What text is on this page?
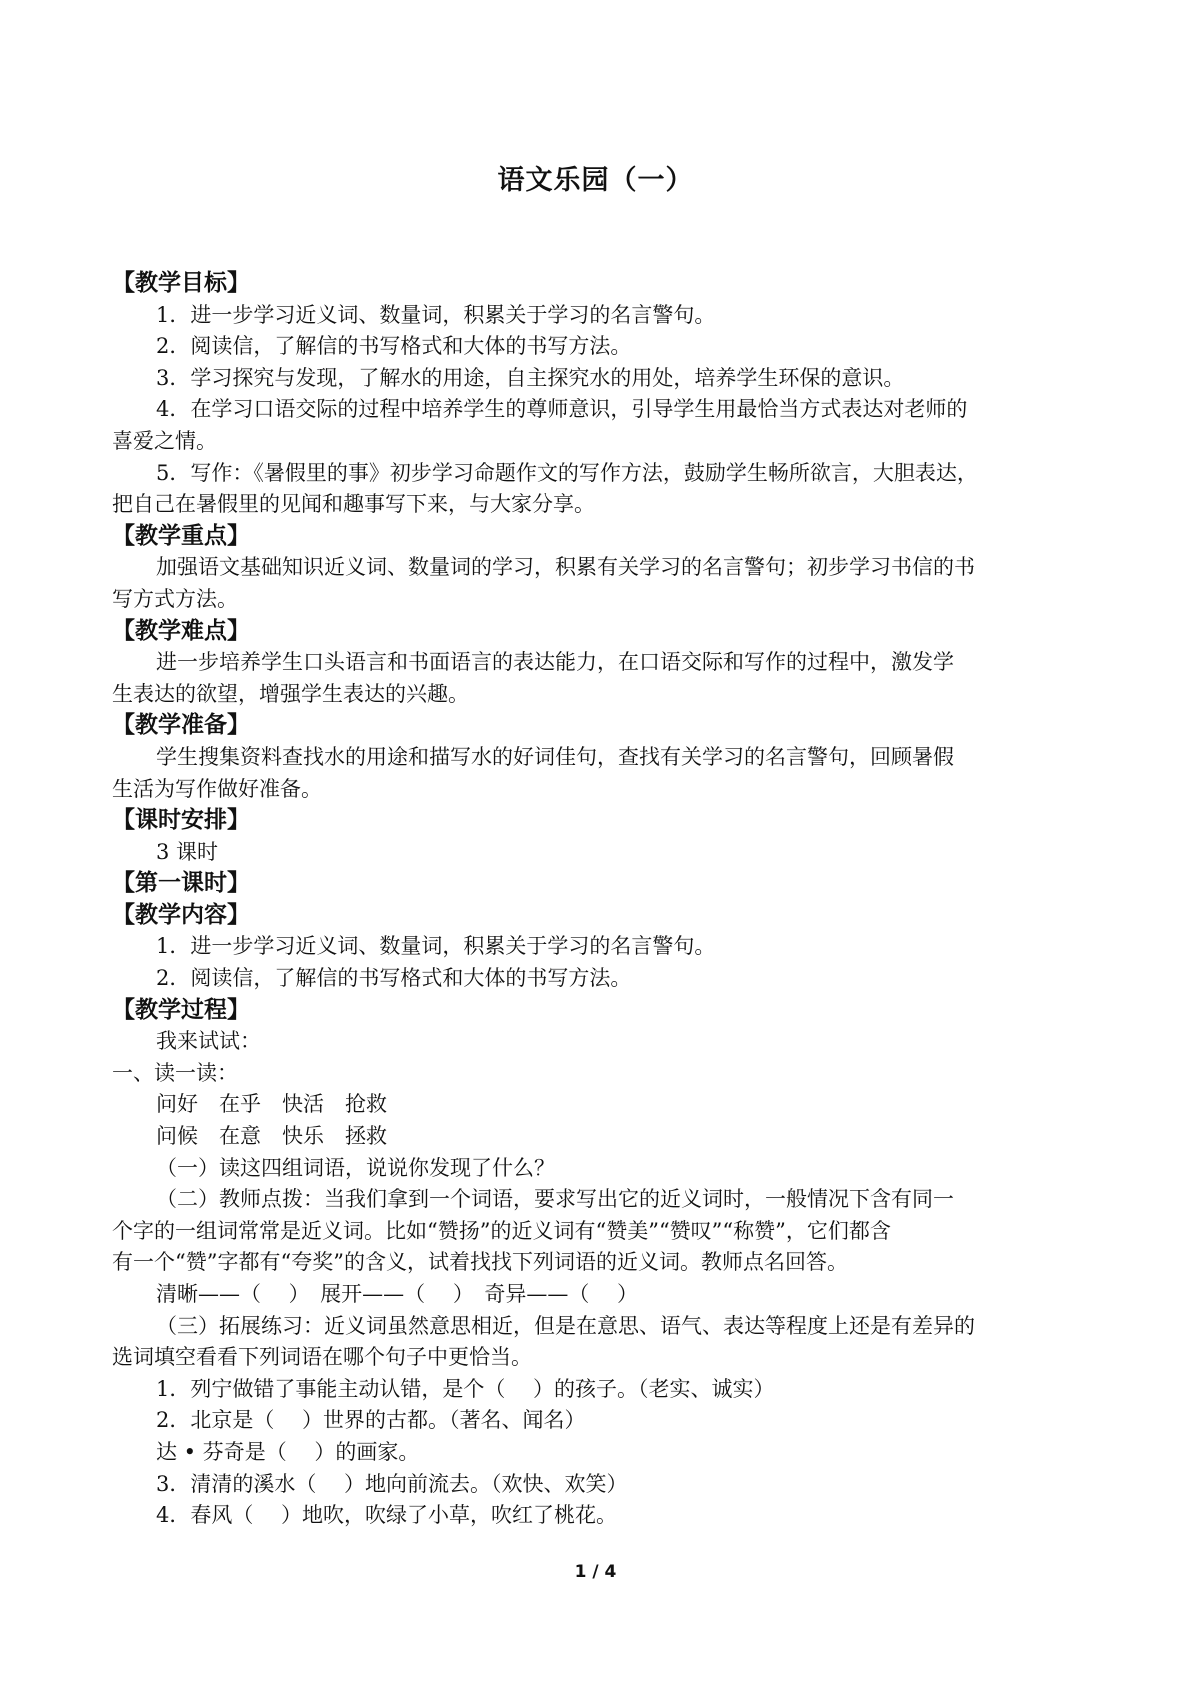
语文乐园（一）
【教学目标】
1．进一步学习近义词、数量词，积累关于学习的名言警句。
2．阅读信，了解信的书写格式和大体的书写方法。
3．学习探究与发现，了解水的用途，自主探究水的用处，培养学生环保的意识。
4．在学习口语交际的过程中培养学生的尊师意识，引导学生用最恰当方式表达对老师的
喜爱之情。
5．写作：《暑假里的事》初步学习命题作文的写作方法，鼓励学生畅所欲言，大胆表达，
把自己在暑假里的见闻和趣事写下来，与大家分享。
【教学重点】
加强语文基础知识近义词、数量词的学习，积累有关学习的名言警句；初步学习书信的书
写方式方法。
【教学难点】
进一步培养学生口头语言和书面语言的表达能力，在口语交际和写作的过程中，激发学
生表达的欲望，增强学生表达的兴趣。
【教学准备】
学生搜集资料查找水的用途和描写水的好词佳句，查找有关学习的名言警句，回顾暑假
生活为写作做好准备。
【课时安排】
3 课时
【第一课时】
【教学内容】
1．进一步学习近义词、数量词，积累关于学习的名言警句。
2．阅读信，了解信的书写格式和大体的书写方法。
【教学过程】
我来试试：
一、读一读：
问好　在乎　快活　抢救
问候　在意　快乐　拯救
（一）读这四组词语，说说你发现了什么？
（二）教师点拨：当我们拿到一个词语，要求写出它的近义词时，一般情况下含有同一
个字的一组词常常是近义词。比如“赞扬”的近义词有“赞美”“赞叹”“称赞”，它们都含
有一个“赞”字都有“夸奖”的含义，试着找找下列词语的近义词。教师点名回答。
清晰——（　 ）　展开——（　 ）　奇异——（　 ）
（三）拓展练习：近义词虽然意思相近，但是在意思、语气、表达等程度上还是有差异的
选词填空看看下列词语在哪个句子中更恰当。
1．列宁做错了事能主动认错，是个（　 ）的孩子。（老实、诚实）
2．北京是（　 ）世界的古都。（著名、闻名）
达 • 芬奇是（　 ）的画家。
3．清清的溪水（　 ）地向前流去。（欢快、欢笑）
4．春风（　 ）地吹，吹绿了小草，吹红了桃花。
1 / 4
